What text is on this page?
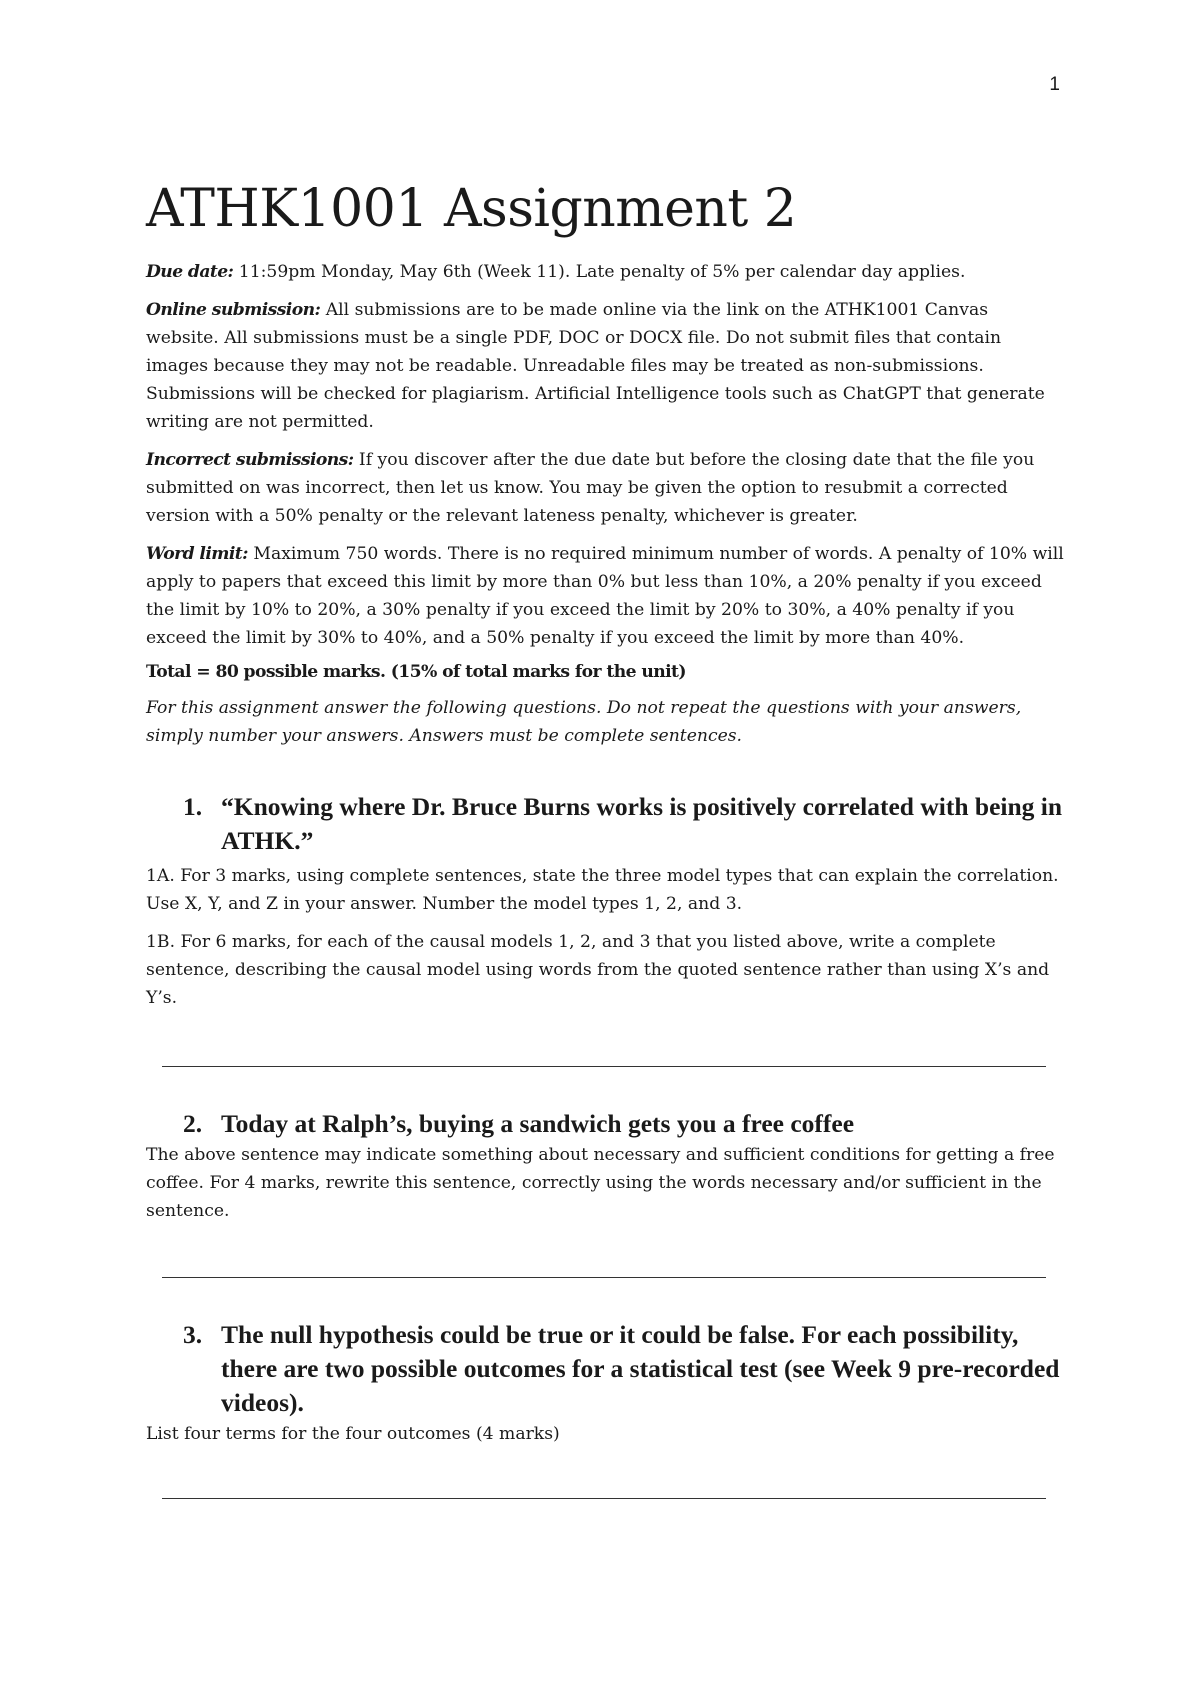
1
ATHK1001 Assignment 2

Due date: 11:59pm Monday, May 6th (Week 11). Late penalty of 5% per calendar day applies.

Online submission: All submissions are to be made online via the link on the ATHK1001 Canvas website. All submissions must be a single PDF, DOC or DOCX file. Do not submit files that contain images because they may not be readable. Unreadable files may be treated as non-submissions. Submissions will be checked for plagiarism. Artificial Intelligence tools such as ChatGPT that generate writing are not permitted.

Incorrect submissions: If you discover after the due date but before the closing date that the file you submitted on was incorrect, then let us know. You may be given the option to resubmit a corrected version with a 50% penalty or the relevant lateness penalty, whichever is greater.

Word limit: Maximum 750 words. There is no required minimum number of words. A penalty of 10% will apply to papers that exceed this limit by more than 0% but less than 10%, a 20% penalty if you exceed the limit by 10% to 20%, a 30% penalty if you exceed the limit by 20% to 30%, a 40% penalty if you exceed the limit by 30% to 40%, and a 50% penalty if you exceed the limit by more than 40%.

Total = 80 possible marks. (15% of total marks for the unit)

For this assignment answer the following questions. Do not repeat the questions with your answers, simply number your answers. Answers must be complete sentences.

1. “Knowing where Dr. Bruce Burns works is positively correlated with being in ATHK.”

1A. For 3 marks, using complete sentences, state the three model types that can explain the correlation. Use X, Y, and Z in your answer. Number the model types 1, 2, and 3.

1B. For 6 marks, for each of the causal models 1, 2, and 3 that you listed above, write a complete sentence, describing the causal model using words from the quoted sentence rather than using X’s and Y’s.

2. Today at Ralph’s, buying a sandwich gets you a free coffee

The above sentence may indicate something about necessary and sufficient conditions for getting a free coffee. For 4 marks, rewrite this sentence, correctly using the words necessary and/or sufficient in the sentence.

3. The null hypothesis could be true or it could be false. For each possibility, there are two possible outcomes for a statistical test (see Week 9 pre-recorded videos).

List four terms for the four outcomes (4 marks)
